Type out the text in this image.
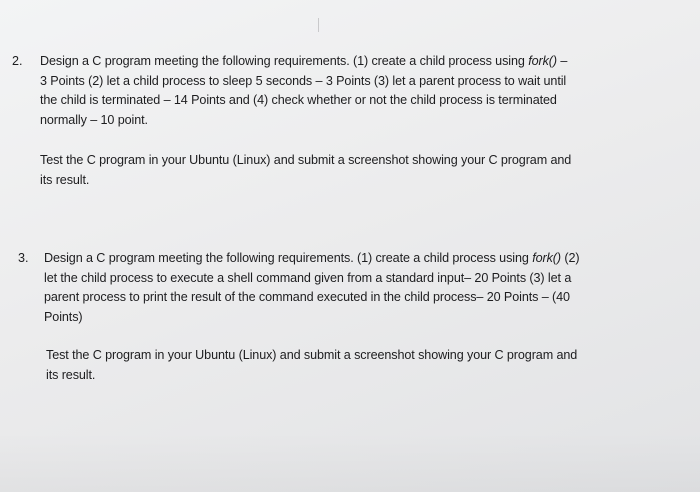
2. Design a C program meeting the following requirements. (1) create a child process using fork() –
3 Points (2) let a child process to sleep 5 seconds – 3 Points (3) let a parent process to wait until
the child is terminated – 14 Points and (4) check whether or not the child process is terminated
normally – 10 point.
Test the C program in your Ubuntu (Linux) and submit a screenshot showing your C program and
its result.
3. Design a C program meeting the following requirements. (1) create a child process using fork() (2)
let the child process to execute a shell command given from a standard input– 20 Points (3) let a
parent process to print the result of the command executed in the child process– 20 Points – (40
Points)
Test the C program in your Ubuntu (Linux) and submit a screenshot showing your C program and
its result.
